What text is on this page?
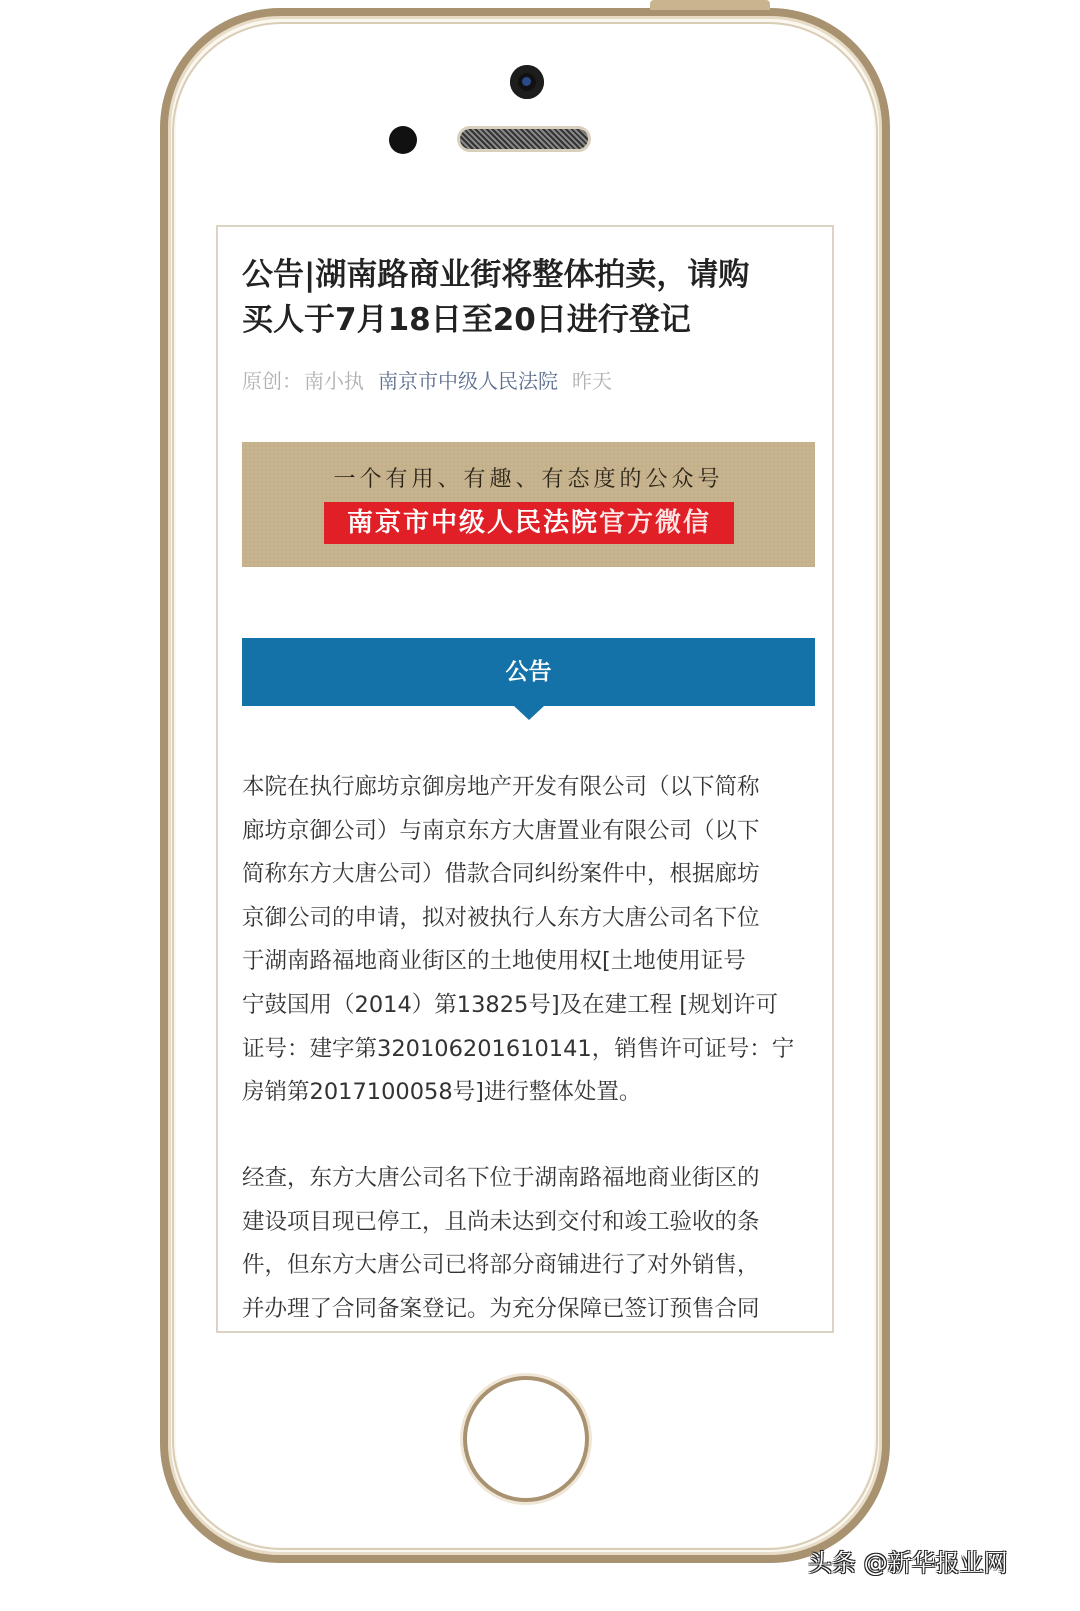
公告|湖南路商业街将整体拍卖，请购
买人于7月18日至20日进行登记
原创： 南小执 南京市中级人民法院 昨天
一个有用、有趣、有态度的公众号
南京市中级人民法院官方微信
公告
本院在执行廊坊京御房地产开发有限公司（以下简称
廊坊京御公司）与南京东方大唐置业有限公司（以下
简称东方大唐公司）借款合同纠纷案件中，根据廊坊
京御公司的申请，拟对被执行人东方大唐公司名下位
于湖南路福地商业街区的土地使用权[土地使用证号
宁鼓国用（2014）第13825号]及在建工程 [规划许可
证号：建字第320106201610141，销售许可证号：宁
房销第2017100058号]进行整体处置。
经查，东方大唐公司名下位于湖南路福地商业街区的
建设项目现已停工，且尚未达到交付和竣工验收的条
件，但东方大唐公司已将部分商铺进行了对外销售，
并办理了合同备案登记。为充分保障已签订预售合同
头条 @新华报业网
